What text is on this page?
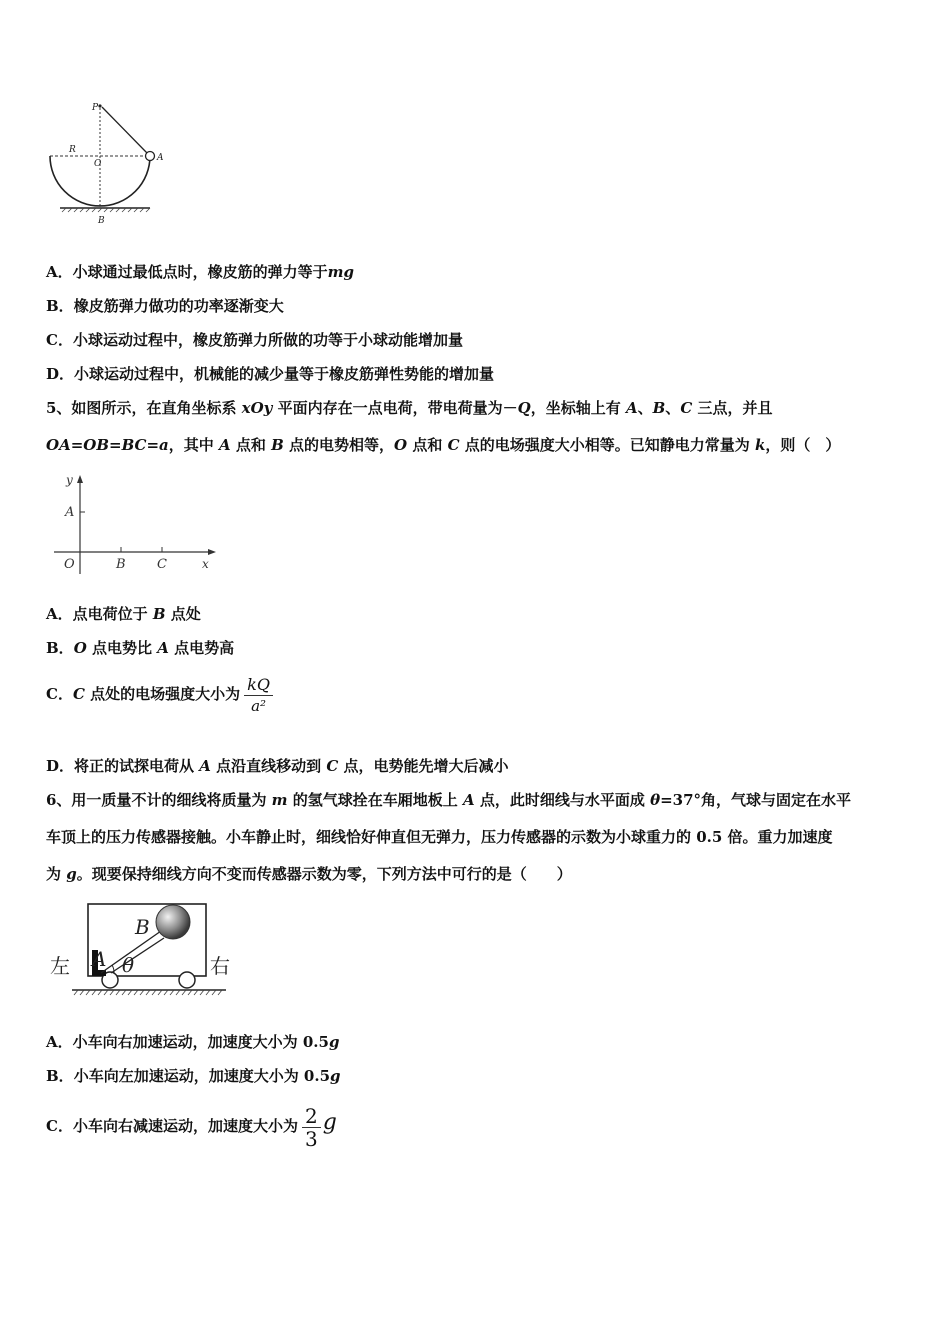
P
R
O
A
B
A．小球通过最低点时，橡皮筋的弹力等于mg
B．橡皮筋弹力做功的功率逐渐变大
C．小球运动过程中，橡皮筋弹力所做的功等于小球动能增加量
D．小球运动过程中，机械能的减少量等于橡皮筋弹性势能的增加量
5、如图所示，在直角坐标系 xOy 平面内存在一点电荷，带电荷量为－Q，坐标轴上有 A、B、C 三点，并且
OA=OB=BC=a，其中 A 点和 B 点的电势相等，O 点和 C 点的电场强度大小相等。已知静电力常量为 k，则（　）
y
A
O	B C	x
A．点电荷位于 B 点处
B．O 点电势比 A 点电势高
C．C 点处的电场强度大小为 $\frac{kQ}{\text{a²}}$
D．将正的试探电荷从 A 点沿直线移动到 C 点，电势能先增大后减小
6、用一质量不计的细线将质量为 m 的氢气球拴在车厢地板上 A 点，此时细线与水平面成 θ=37°角，气球与固定在水平
车顶上的压力传感器接触。小车静止时，细线恰好伸直但无弹力，压力传感器的示数为小球重力的 0.5 倍。重力加速度
为 g。现要保持细线方向不变而传感器示数为零，下列方法中可行的是（　　）
左	右
A
B
θ
A．小车向右加速运动，加速度大小为 0.5g
B．小车向左加速运动，加速度大小为 0.5g
C．小车向右减速运动，加速度大小为 $\frac{2}{3}$ g
